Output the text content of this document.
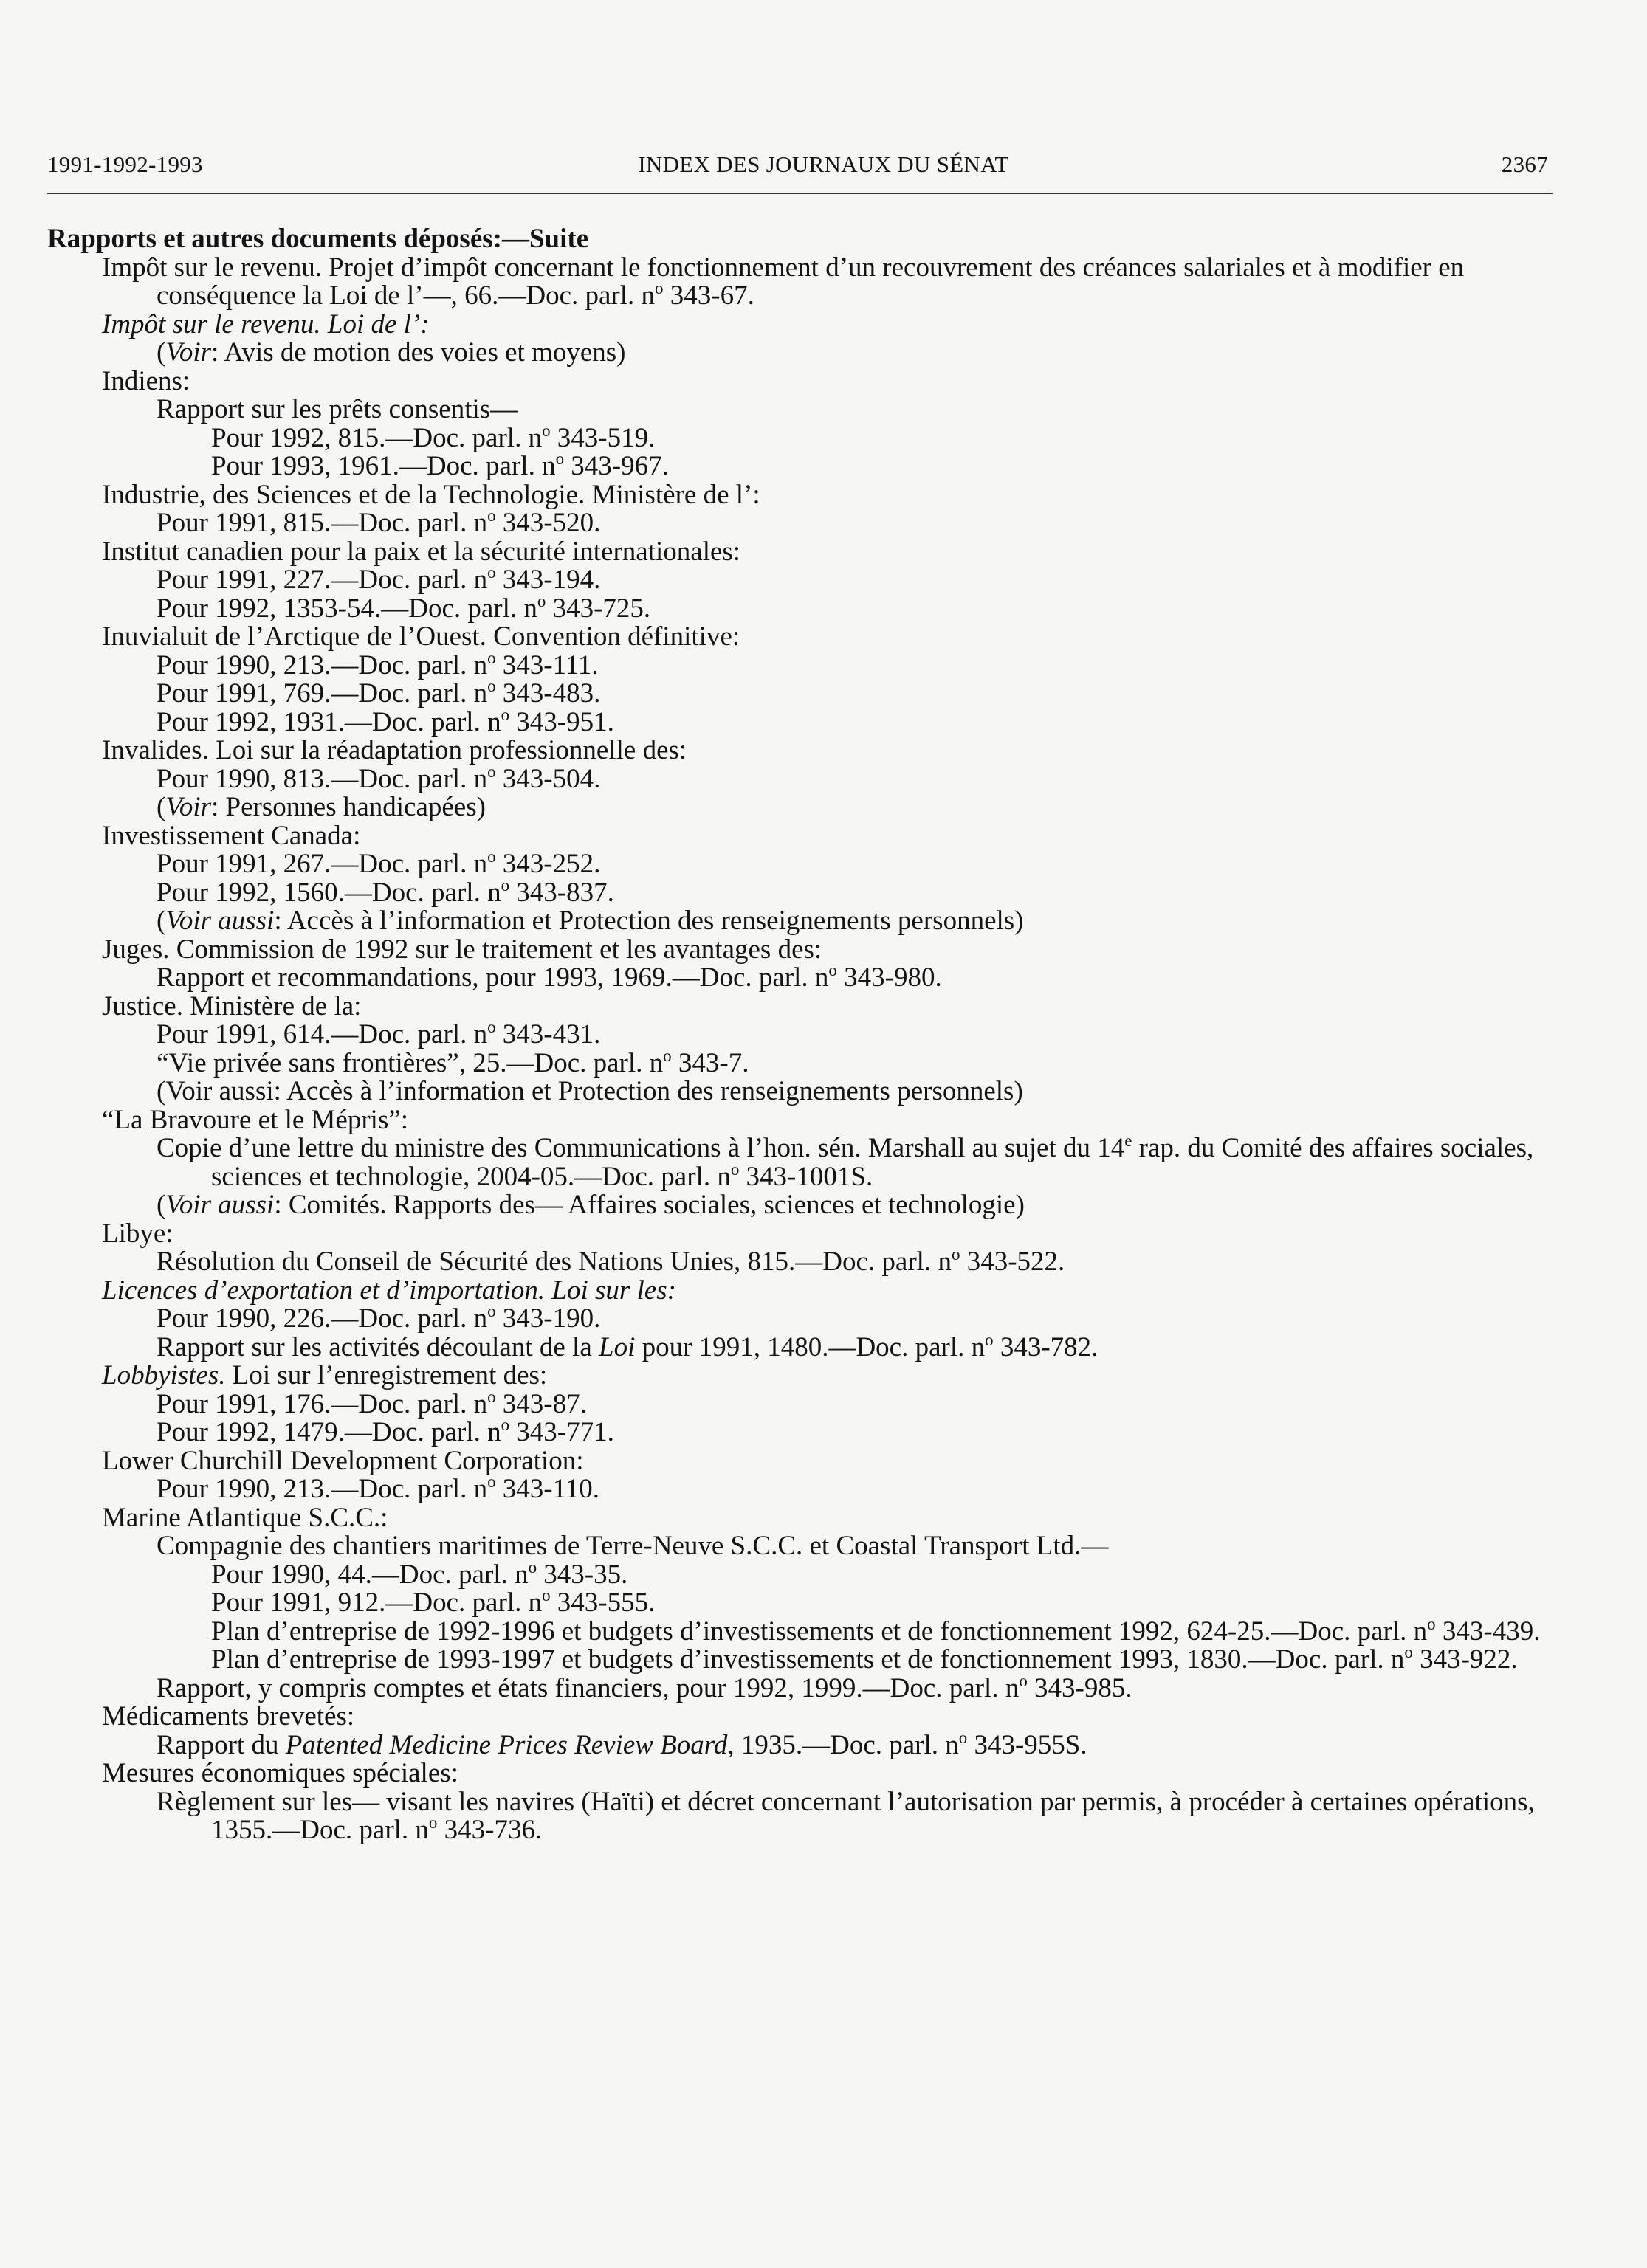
1991-1992-1993	INDEX DES JOURNAUX DU SÉNAT	2367
Rapports et autres documents déposés:—Suite
Impôt sur le revenu. Projet d’impôt concernant le fonctionnement d’un recouvrement des créances salariales et à modifier en conséquence la Loi de l’—, 66.—Doc. parl. $n^o$ 343-67.
Impôt sur le revenu. Loi de l’:
(Voir: Avis de motion des voies et moyens)
Indiens:
Rapport sur les prêts consentis—
Pour 1992, 815.—Doc. parl. $n^o$ 343-519.
Pour 1993, 1961.—Doc. parl. $n^o$ 343-967.
Industrie, des Sciences et de la Technologie. Ministère de l’:
Pour 1991, 815.—Doc. parl. $n^o$ 343-520.
Institut canadien pour la paix et la sécurité internationales:
Pour 1991, 227.—Doc. parl. $n^o$ 343-194.
Pour 1992, 1353-54.—Doc. parl. $n^o$ 343-725.
Inuvialuit de l’Arctique de l’Ouest. Convention définitive:
Pour 1990, 213.—Doc. parl. $n^o$ 343-111.
Pour 1991, 769.—Doc. parl. $n^o$ 343-483.
Pour 1992, 1931.—Doc. parl. $n^o$ 343-951.
Invalides. Loi sur la réadaptation professionnelle des:
Pour 1990, 813.—Doc. parl. $n^o$ 343-504.
(Voir: Personnes handicapées)
Investissement Canada:
Pour 1991, 267.—Doc. parl. $n^o$ 343-252.
Pour 1992, 1560.—Doc. parl. $n^o$ 343-837.
(Voir aussi: Accès à l’information et Protection des renseignements personnels)
Juges. Commission de 1992 sur le traitement et les avantages des:
Rapport et recommandations, pour 1993, 1969.—Doc. parl. $n^o$ 343-980.
Justice. Ministère de la:
Pour 1991, 614.—Doc. parl. $n^o$ 343-431.
“Vie privée sans frontières”, 25.—Doc. parl. $n^o$ 343-7.
(Voir aussi: Accès à l’information et Protection des renseignements personnels)
“La Bravoure et le Mépris”:
Copie d’une lettre du ministre des Communications à l’hon. sén. Marshall au sujet du 14e rap. du Comité des affaires sociales, sciences et technologie, 2004-05.—Doc. parl. $n^o$ 343-1001S.
(Voir aussi: Comités. Rapports des— Affaires sociales, sciences et technologie)
Libye:
Résolution du Conseil de Sécurité des Nations Unies, 815.—Doc. parl. $n^o$ 343-522.
Licences d’exportation et d’importation. Loi sur les:
Pour 1990, 226.—Doc. parl. $n^o$ 343-190.
Rapport sur les activités découlant de la Loi pour 1991, 1480.—Doc. parl. $n^o$ 343-782.
Lobbyistes. Loi sur l’enregistrement des:
Pour 1991, 176.—Doc. parl. $n^o$ 343-87.
Pour 1992, 1479.—Doc. parl. $n^o$ 343-771.
Lower Churchill Development Corporation:
Pour 1990, 213.—Doc. parl. $n^o$ 343-110.
Marine Atlantique S.C.C.:
Compagnie des chantiers maritimes de Terre-Neuve S.C.C. et Coastal Transport Ltd.—
Pour 1990, 44.—Doc. parl. $n^o$ 343-35.
Pour 1991, 912.—Doc. parl. $n^o$ 343-555.
Plan d’entreprise de 1992-1996 et budgets d’investissements et de fonctionnement 1992, 624-25.—Doc. parl. $n^o$ 343-439.
Plan d’entreprise de 1993-1997 et budgets d’investissements et de fonctionnement 1993, 1830.—Doc. parl. $n^o$ 343-922.
Rapport, y compris comptes et états financiers, pour 1992, 1999.—Doc. parl. $n^o$ 343-985.
Médicaments brevetés:
Rapport du Patented Medicine Prices Review Board, 1935.—Doc. parl. $n^o$ 343-955S.
Mesures économiques spéciales:
Règlement sur les— visant les navires (Haïti) et décret concernant l’autorisation par permis, à procéder à certaines opérations, 1355.—Doc. parl. $n^o$ 343-736.
